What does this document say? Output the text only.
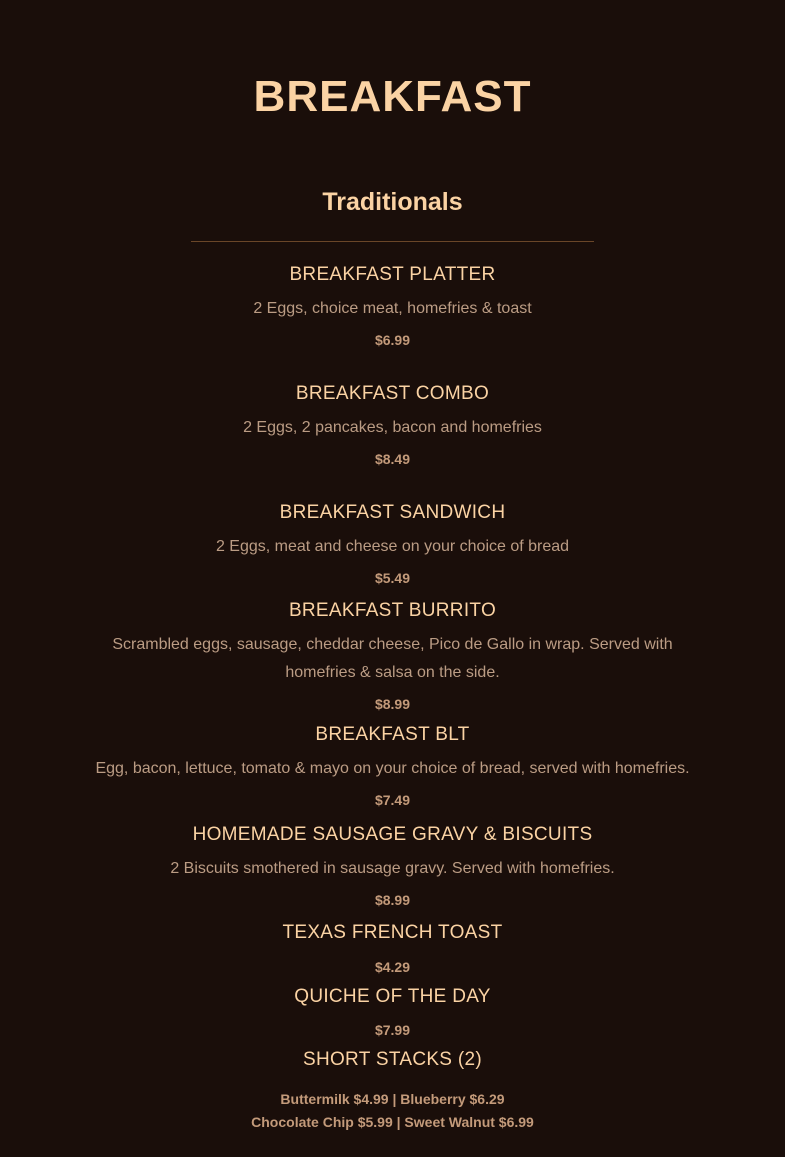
BREAKFAST
Traditionals
BREAKFAST PLATTER
2 Eggs, choice meat, homefries & toast
$6.99
BREAKFAST COMBO
2 Eggs, 2 pancakes, bacon and homefries
$8.49
BREAKFAST SANDWICH
2 Eggs, meat and cheese on your choice of bread
$5.49
BREAKFAST BURRITO
Scrambled eggs, sausage, cheddar cheese, Pico de Gallo in wrap. Served with homefries & salsa on the side.
$8.99
BREAKFAST BLT
Egg, bacon, lettuce, tomato & mayo on your choice of bread, served with homefries.
$7.49
HOMEMADE SAUSAGE GRAVY & BISCUITS
2 Biscuits smothered in sausage gravy. Served with homefries.
$8.99
TEXAS FRENCH TOAST
$4.29
QUICHE OF THE DAY
$7.99
SHORT STACKS (2)
Buttermilk $4.99 | Blueberry $6.29
Chocolate Chip $5.99 | Sweet Walnut $6.99
